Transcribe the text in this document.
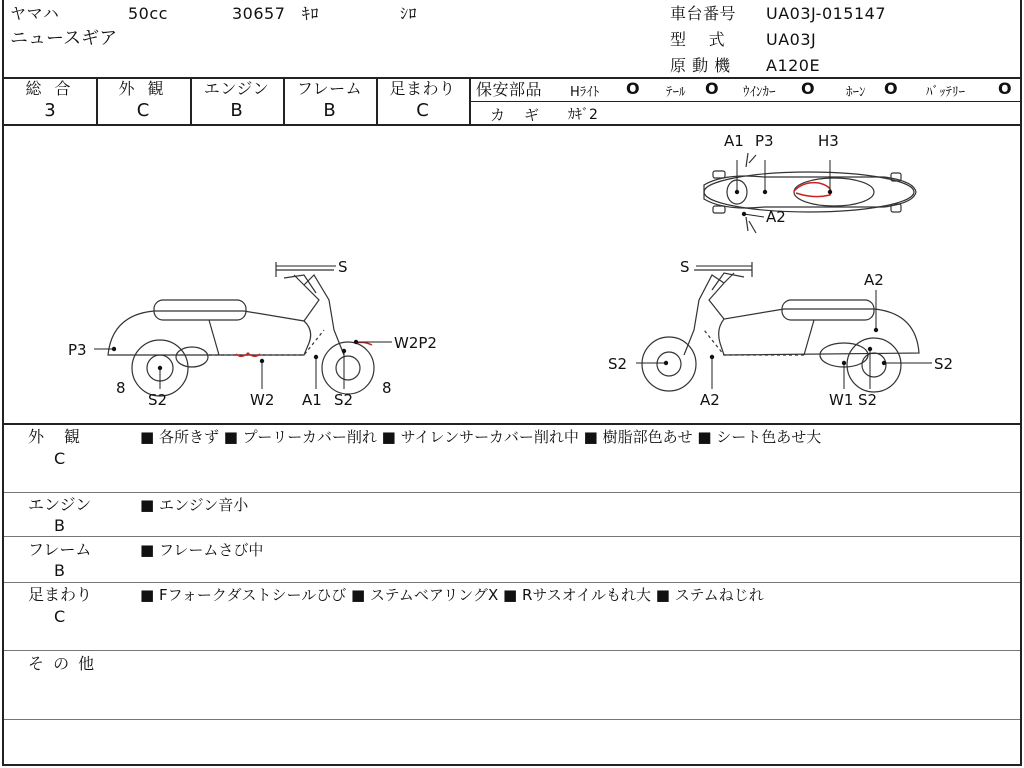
ヤマハ	50cc	30657 ｷﾛ	ｼﾛ
ニュースギア
車台番号 UA03J-015147
型　 式	UA03J
原 動 機 A120E
総 合
3
外 観
C
エンジン
B
フレーム
B
足まわり
C
保安部品 Hﾗｲﾄ O ﾃｰﾙ O ｳｲﾝｶｰ O ﾎｰﾝ O ﾊﾞｯﾃﾘｰ O
カ　ギ ｶｷﾞ2
A1 P3	H3
A2
S
W2P2
P3
8
S2	W2 A1 S2
8
S
A2
S2	S2
A2	W1 S2
外　観
C
■ 各所きず ■ プーリーカバー削れ ■ サイレンサーカバー削れ中 ■ 樹脂部色あせ ■ シート色あせ大
エンジン
B
■ エンジン音小
フレーム
B
■ フレームさび中
足まわり
C
■ Fフォークダストシールひび ■ ステムベアリングX ■ Rサスオイルもれ大 ■ ステムねじれ
そ の 他
